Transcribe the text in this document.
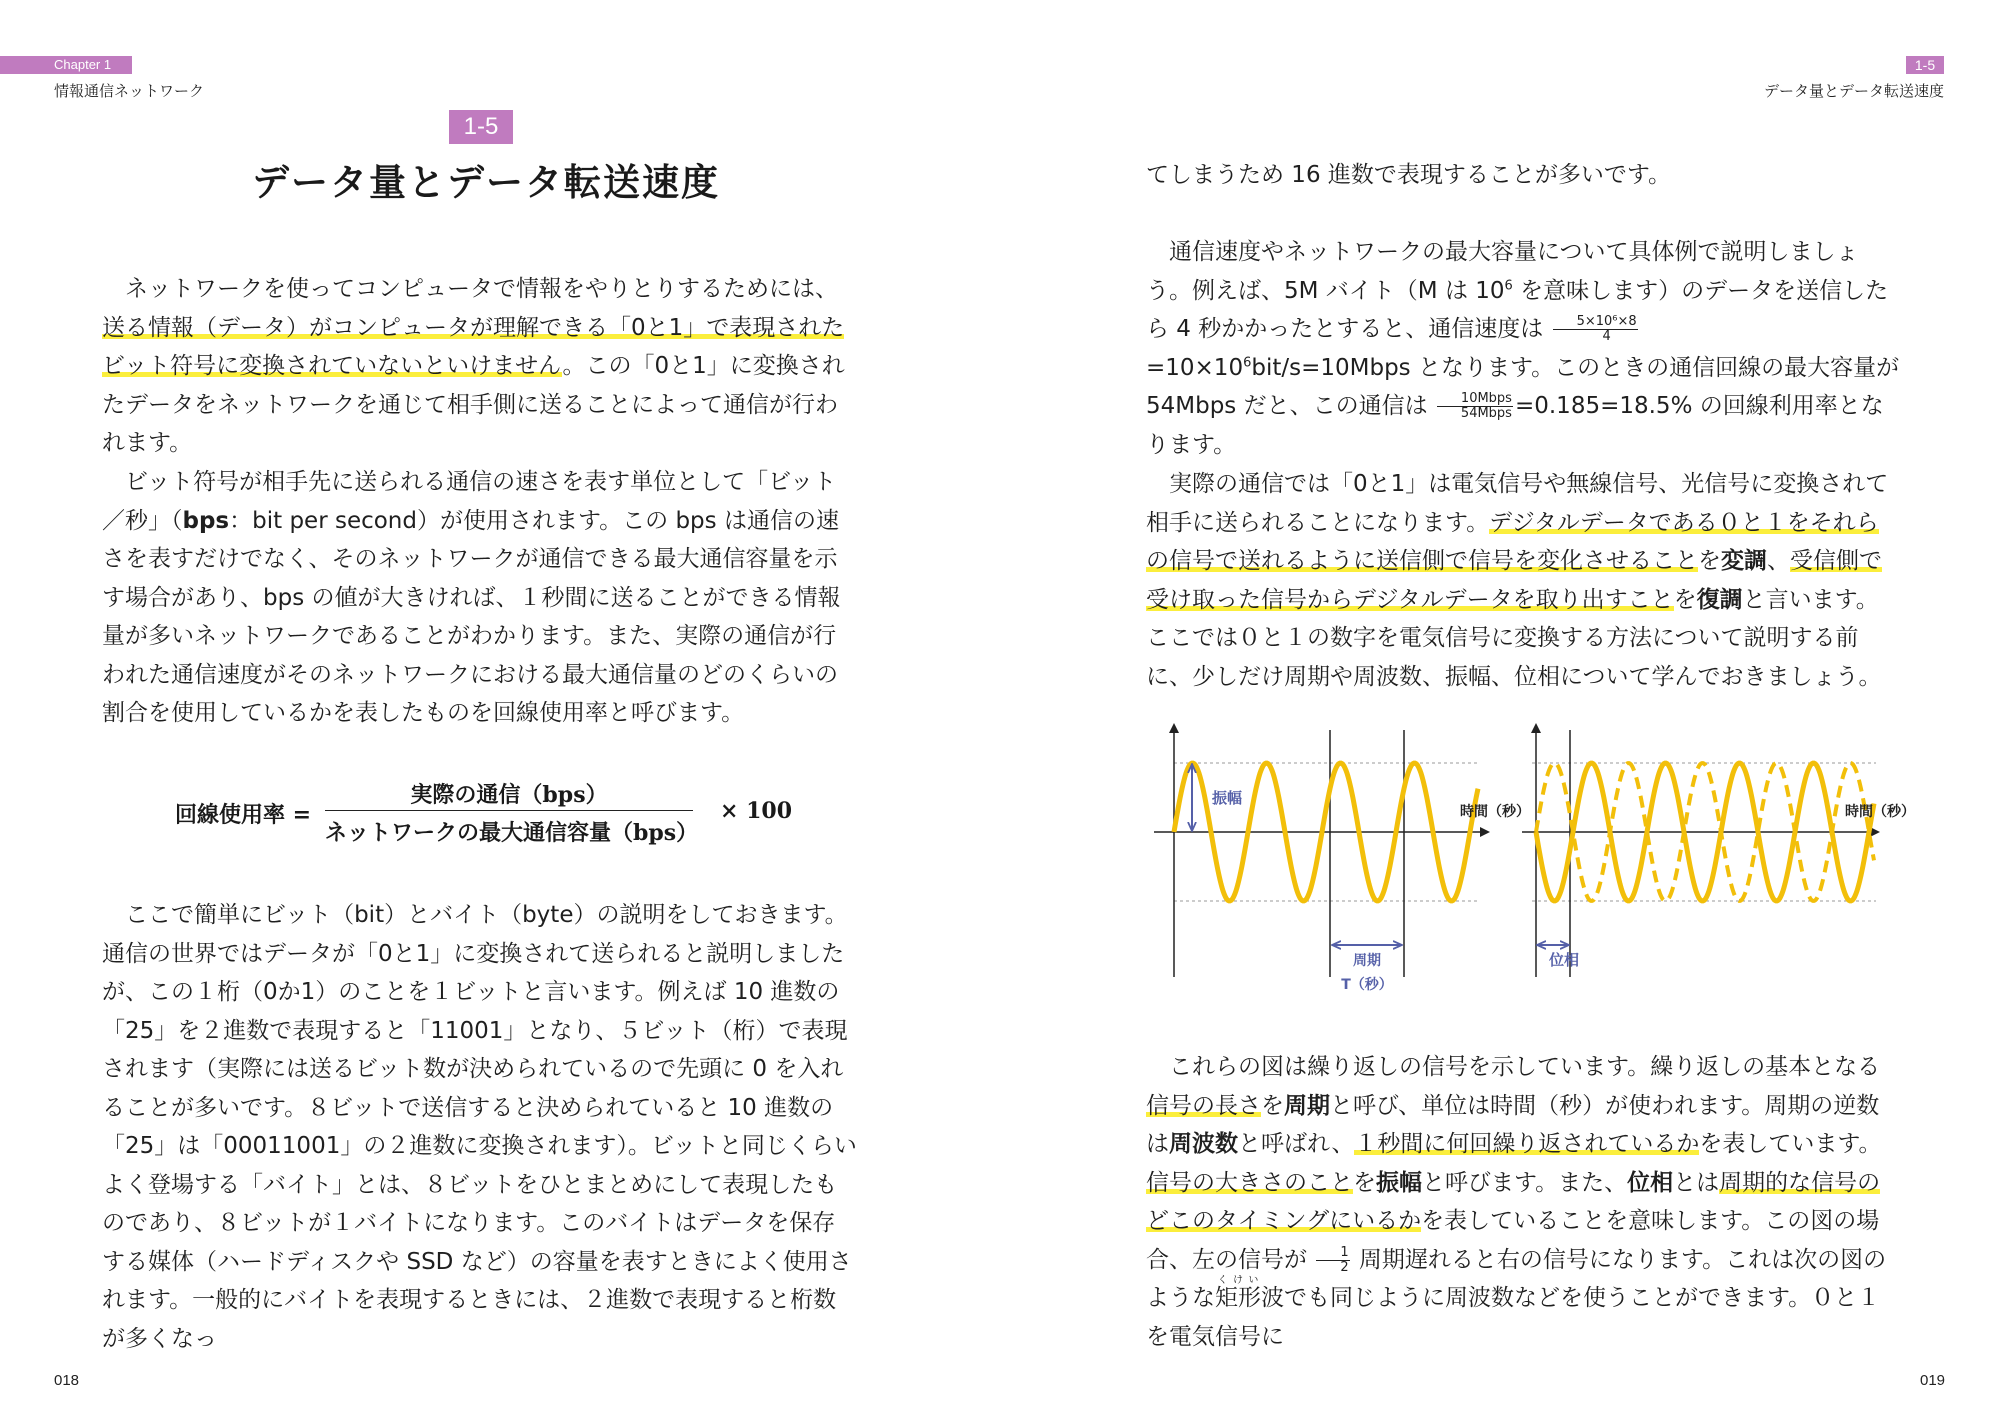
Chapter 1
情報通信ネットワーク
1-5
データ量とデータ転送速度

ネットワークを使ってコンピュータで情報をやりとりするためには、送る情報（データ）がコンピュータが理解できる「0と1」で表現されたビット符号に変換されていないといけません。この「0と1」に変換されたデータをネットワークを通じて相手側に送ることによって通信が行われます。

ビット符号が相手先に送られる通信の速さを表す単位として「ビット／秒」（bps：bit per second）が使用されます。この bps は通信の速さを表すだけでなく、そのネットワークが通信できる最大通信容量を示す場合があり、bps の値が大きければ、１秒間に送ることができる情報量が多いネットワークであることがわかります。また、実際の通信が行われた通信速度がそのネットワークにおける最大通信量のどのくらいの割合を使用しているかを表したものを回線使用率と呼びます。

回線使用率 =
実際の通信（bps）
ネットワークの最大通信容量（bps）
× 100

ここで簡単にビット（bit）とバイト（byte）の説明をしておきます。通信の世界ではデータが「0と1」に変換されて送られると説明しましたが、この１桁（0か1）のことを１ビットと言います。例えば 10 進数の「25」を２進数で表現すると「11001」となり、５ビット（桁）で表現されます（実際には送るビット数が決められているので先頭に 0 を入れることが多いです。８ビットで送信すると決められていると 10 進数の「25」は「00011001」の２進数に変換されます）。ビットと同じくらいよく登場する「バイト」とは、８ビットをひとまとめにして表現したものであり、８ビットが１バイトになります。このバイトはデータを保存する媒体（ハードディスクや SSD など）の容量を表すときによく使用されます。一般的にバイトを表現するときには、２進数で表現すると桁数が多くなっ

018
1-5
データ量とデータ転送速度

てしまうため 16 進数で表現することが多いです。

通信速度やネットワークの最大容量について具体例で説明しましょう。例えば、5M バイト（M は $10^6$ を意味します）のデータを送信したら 4 秒かかったとすると、通信速度は $\frac{\text{5×10⁶×8}}{4}$
$=10\times 10^6bit/s=10Mbps$ となります。このときの通信回線の最大容量が 54Mbps だと、この通信は $\frac{\text{10Mbps}}{\text{54Mbps}} =0.185=18.5\%$ の回線利用率となります。

実際の通信では「0と1」は電気信号や無線信号、光信号に変換されて相手に送られることになります。デジタルデータである０と１をそれらの信号で送れるように送信側で信号を変化させることを変調、受信側で受け取った信号からデジタルデータを取り出すことを復調と言います。ここでは０と１の数字を電気信号に変換する方法について説明する前に、少しだけ周期や周波数、振幅、位相について学んでおきましょう。

振幅
時間（秒）
周期
T（秒）
位相
時間（秒）

これらの図は繰り返しの信号を示しています。繰り返しの基本となる信号の長さを周期と呼び、単位は時間（秒）が使われます。周期の逆数は周波数と呼ばれ、１秒間に何回繰り返されているかを表しています。信号の大きさのことを振幅と呼びます。また、位相とは周期的な信号のどこのタイミングにいるかを表していることを意味します。この図の場合、左の信号が $\frac{1}{2}$ 周期遅れると右の信号になります。これは次の図のような矩形くけい波でも同じように周波数などを使うことができます。０と１を電気信号に

019
